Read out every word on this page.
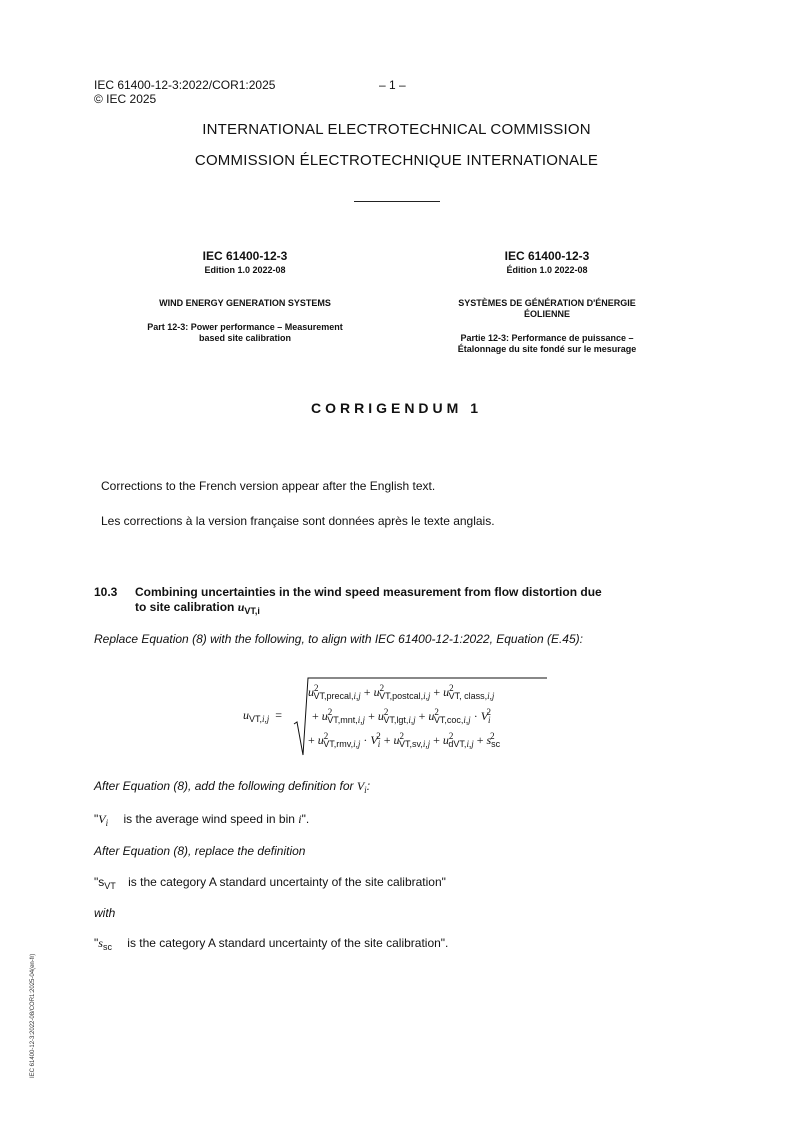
IEC 61400-12-3:2022/COR1:2025	– 1 –
© IEC 2025
INTERNATIONAL ELECTROTECHNICAL COMMISSION
COMMISSION ÉLECTROTECHNIQUE INTERNATIONALE
IEC 61400-12-3
Edition 1.0 2022-08
WIND ENERGY GENERATION SYSTEMS
Part 12-3: Power performance – Measurement
based site calibration
IEC 61400-12-3
Édition 1.0 2022-08
SYSTÈMES DE GÉNÉRATION D'ÉNERGIE
ÉOLIENNE
Partie 12-3: Performance de puissance –
Étalonnage du site fondé sur le mesurage
CORRIGENDUM 1
Corrections to the French version appear after the English text.
Les corrections à la version française sont données après le texte anglais.
10.3	Combining uncertainties in the wind speed measurement from flow distortion due
to site calibration $u_{VT,i}$
Replace Equation (8) with the following, to align with IEC 61400-12-1:2022, Equation (E.45):
$u_{VT,i,j}$ =
$u^2_{VT,precal,i,j} + u^2_{VT,postcal,i,j} + u^2_{VT, class,i,j}$
+ $u^2_{VT,mnt,i,j} + u^2_{VT,lgt,i,j} + u^2_{VT,coc,i,j} \cdot V_i^2$
+ $u^2_{VT,rmv,i,j} \cdot V_i^2 + u^2_{VT,sv,i,j} + u^2_{dVT,i,j} + s_{sc}^2$
After Equation (8), add the following definition for $V_i$:
"$V_i$ is the average wind speed in bin i".
After Equation (8), replace the definition
"$s_{VT}$ is the category A standard uncertainty of the site calibration"
with
"$s_{sc}$ is the category A standard uncertainty of the site calibration".
IEC 61400-12-3:2022-08/COR1:2025-04(en-fr)
